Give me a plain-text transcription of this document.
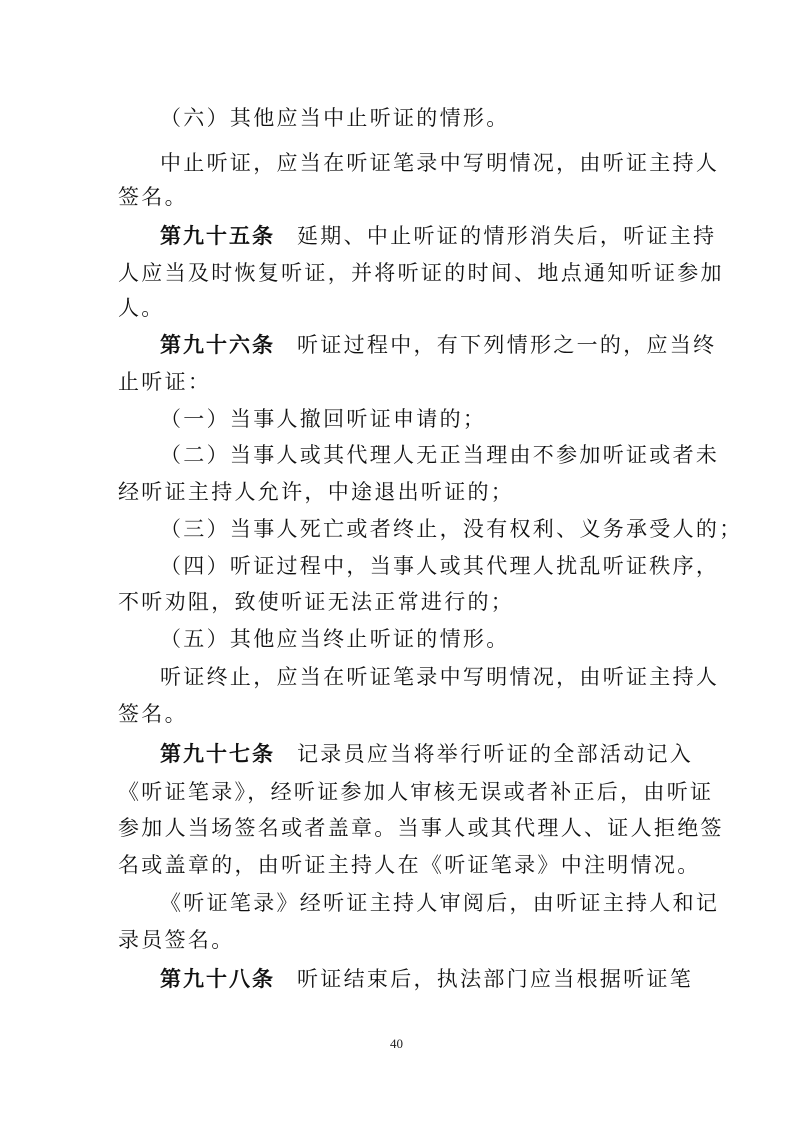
（六）其他应当中止听证的情形。
中止听证，应当在听证笔录中写明情况，由听证主持人
签名。
第九十五条 延期、中止听证的情形消失后，听证主持
人应当及时恢复听证，并将听证的时间、地点通知听证参加
人。
第九十六条 听证过程中，有下列情形之一的，应当终
止听证：
（一）当事人撤回听证申请的；
（二）当事人或其代理人无正当理由不参加听证或者未
经听证主持人允许，中途退出听证的；
（三）当事人死亡或者终止，没有权利、义务承受人的；
（四）听证过程中，当事人或其代理人扰乱听证秩序，
不听劝阻，致使听证无法正常进行的；
（五）其他应当终止听证的情形。
听证终止，应当在听证笔录中写明情况，由听证主持人
签名。
第九十七条 记录员应当将举行听证的全部活动记入
《听证笔录》，经听证参加人审核无误或者补正后，由听证
参加人当场签名或者盖章。当事人或其代理人、证人拒绝签
名或盖章的，由听证主持人在《听证笔录》中注明情况。
《听证笔录》经听证主持人审阅后，由听证主持人和记
录员签名。
第九十八条 听证结束后，执法部门应当根据听证笔
40
